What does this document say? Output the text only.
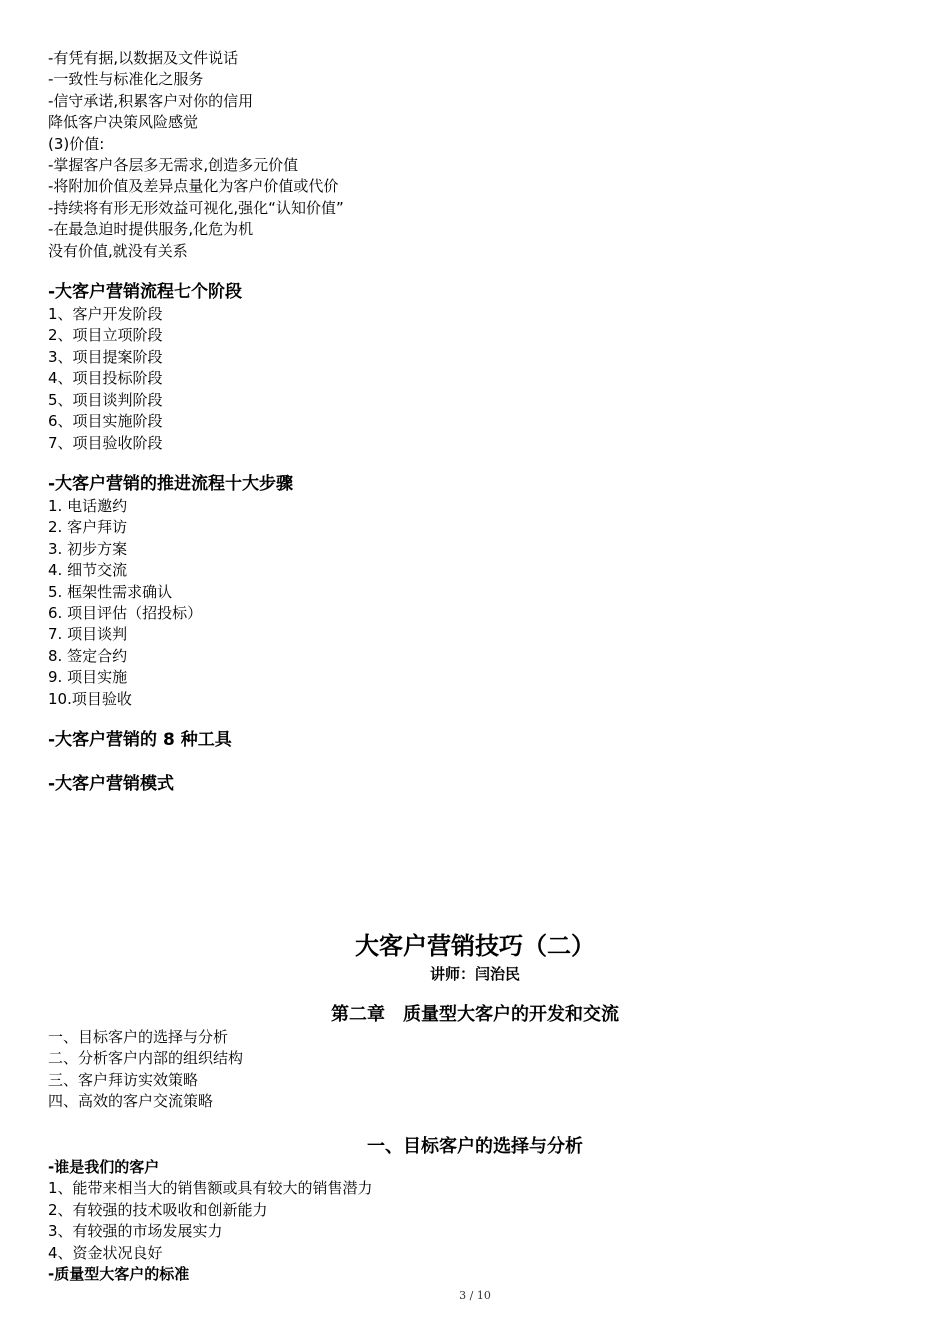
-有凭有据,以数据及文件说话

-一致性与标准化之服务

-信守承诺,积累客户对你的信用

降低客户决策风险感觉

(3)价值:

-掌握客户各层多无需求,创造多元价值

-将附加价值及差异点量化为客户价值或代价

-持续将有形无形效益可视化,强化“认知价值”

-在最急迫时提供服务,化危为机

没有价值,就没有关系

-大客户营销流程七个阶段

1、客户开发阶段

2、项目立项阶段

3、项目提案阶段

4、项目投标阶段

5、项目谈判阶段

6、项目实施阶段

7、项目验收阶段

-大客户营销的推进流程十大步骤

1. 电话邀约

2. 客户拜访

3. 初步方案

4. 细节交流

5. 框架性需求确认

6. 项目评估（招投标）

7. 项目谈判

8. 签定合约

9. 项目实施

10.项目验收

-大客户营销的 8 种工具
-大客户营销模式
大客户营销技巧（二）

讲师：闫治民

第二章　质量型大客户的开发和交流

一、目标客户的选择与分析

二、分析客户内部的组织结构

三、客户拜访实效策略

四、高效的客户交流策略

一、目标客户的选择与分析

-谁是我们的客户

1、能带来相当大的销售额或具有较大的销售潜力

2、有较强的技术吸收和创新能力

3、有较强的市场发展实力

4、资金状况良好

-质量型大客户的标准

3 / 10
